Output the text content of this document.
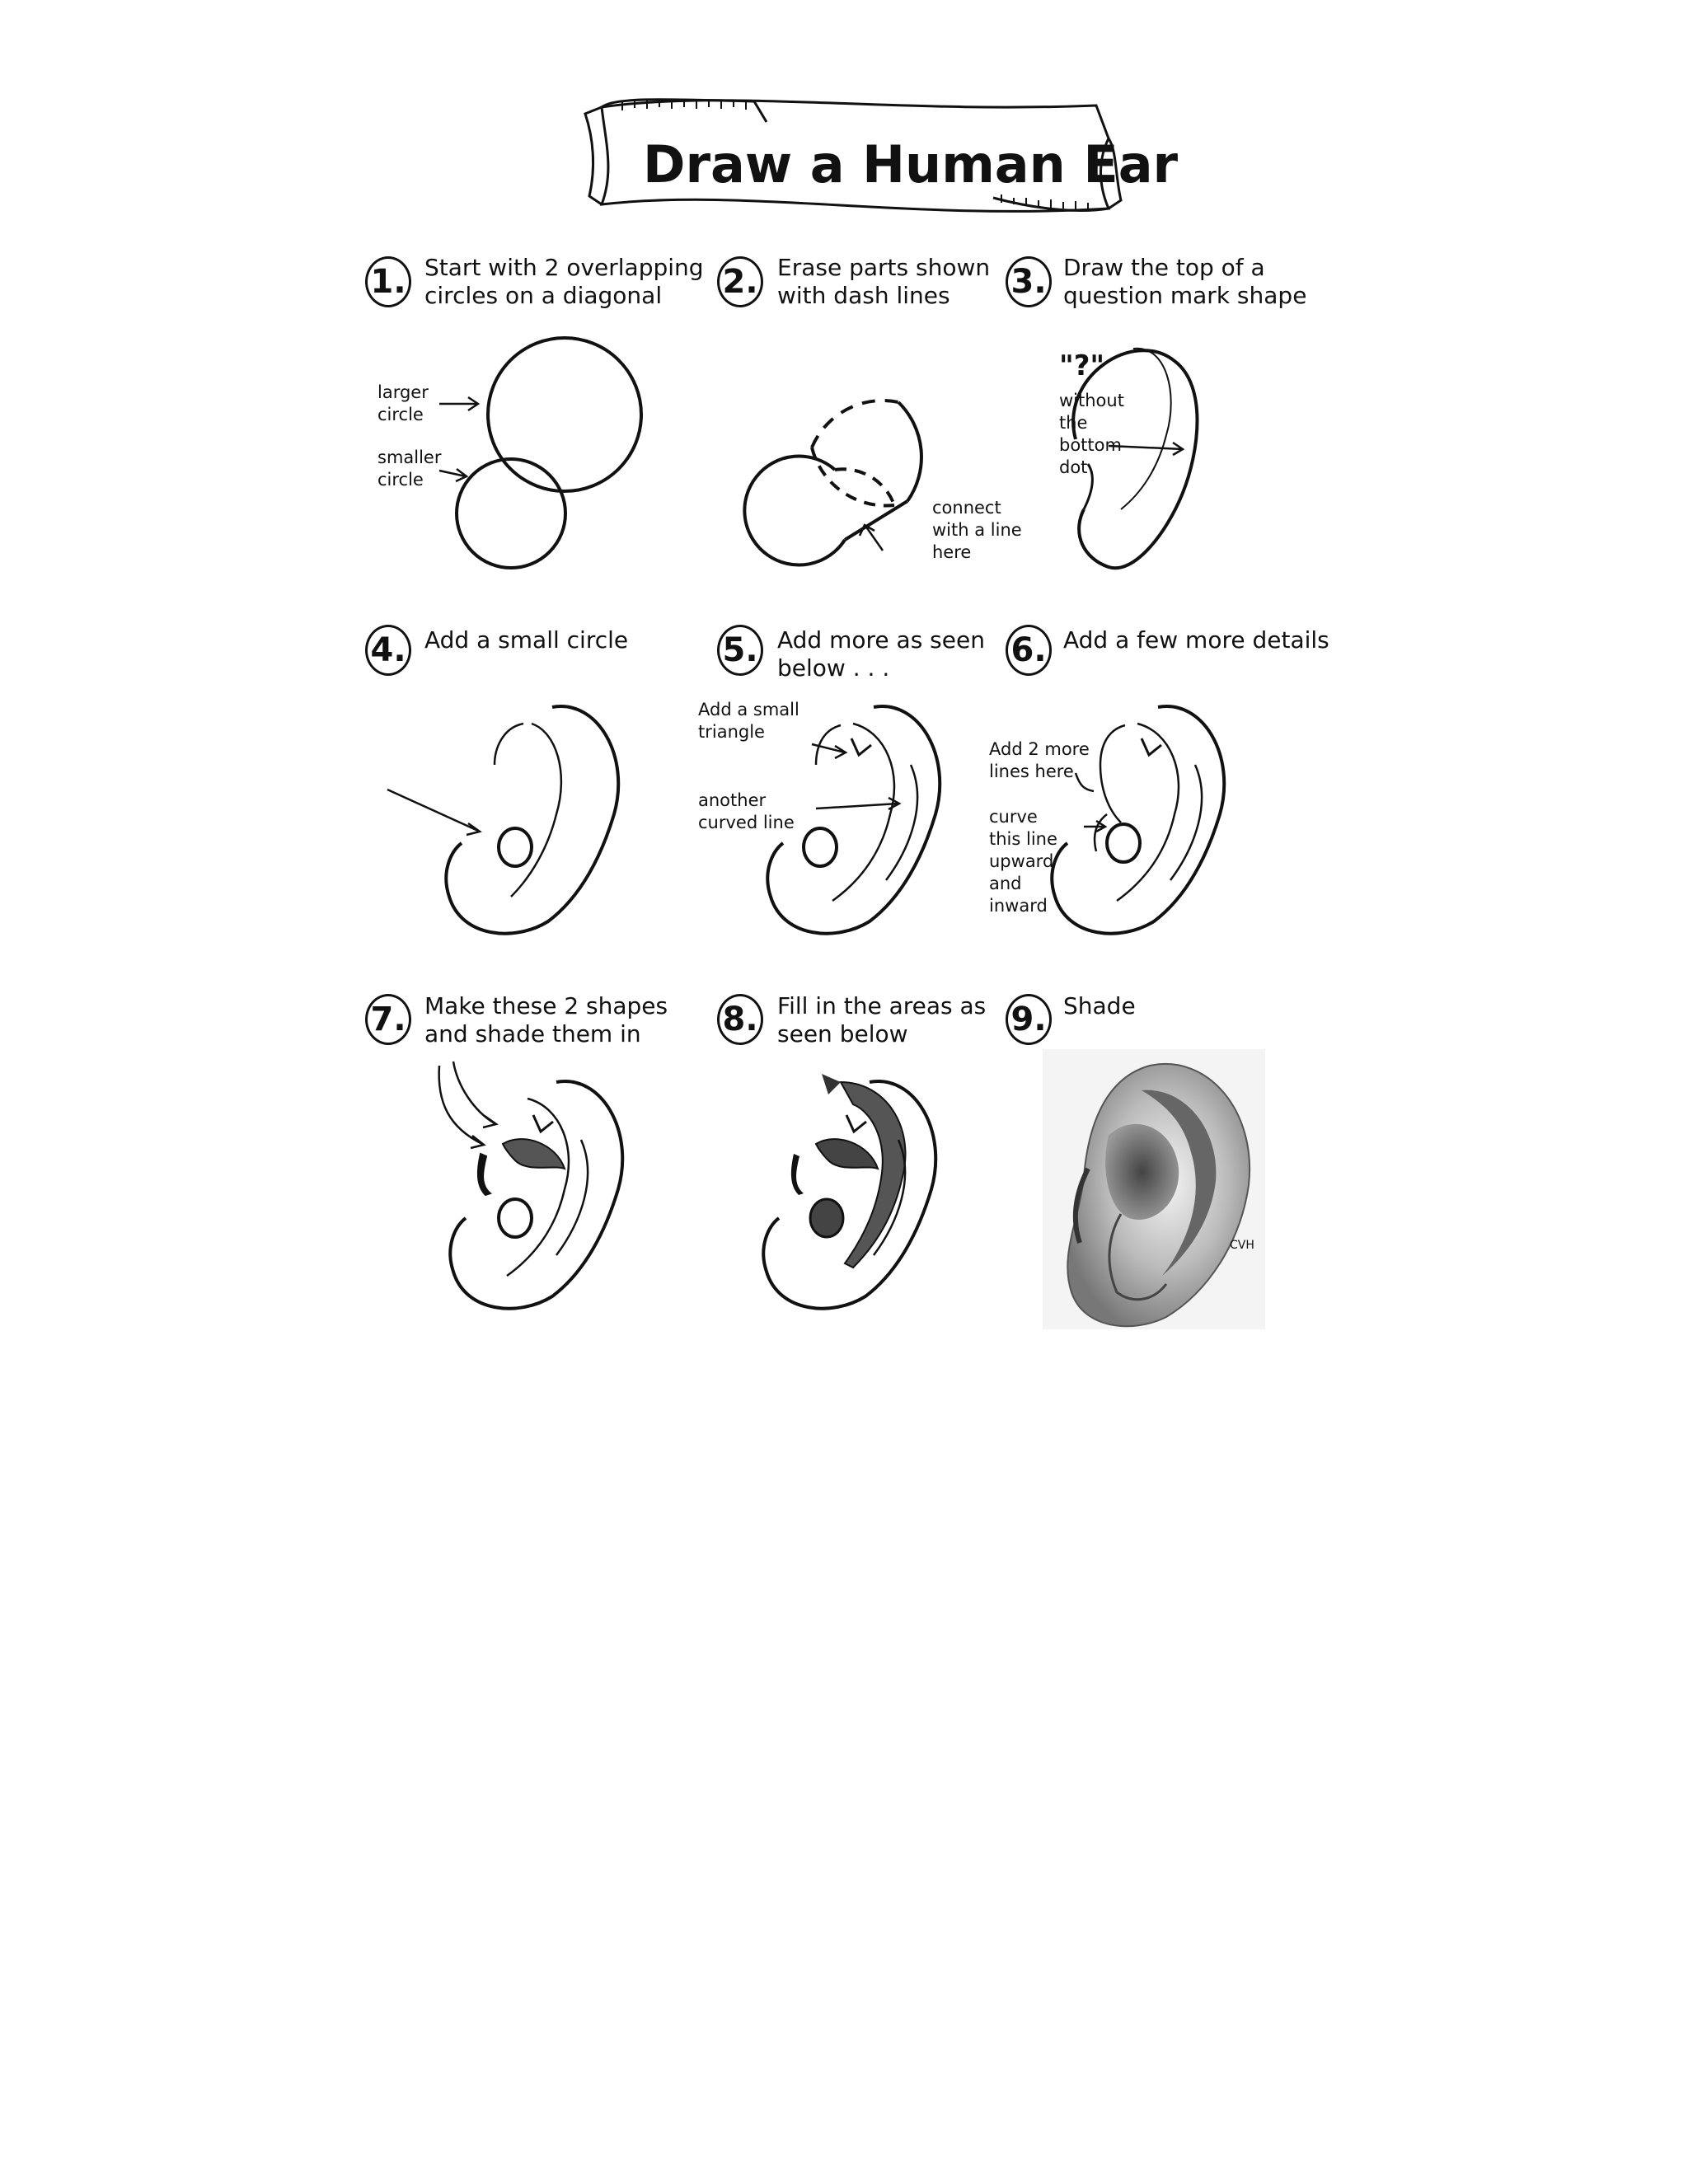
Draw a Human Ear
1. Start with 2 overlapping
circles on a diagonal	2. Erase parts shown
with dash lines	3. Draw the top of a
question mark shape
larger
circle
smaller
circle
connect
with a line
here
"?"
without
the
bottom
dot
4. Add a small circle	5. Add more as seen
below . . .	6. Add a few more details
Add a small
triangle
another
curved line
Add 2 more
lines here
curve
this line
upward
and
inward
7. Make these 2 shapes
and shade them in	8. Fill in the areas as
seen below	9. Shade
CVH
